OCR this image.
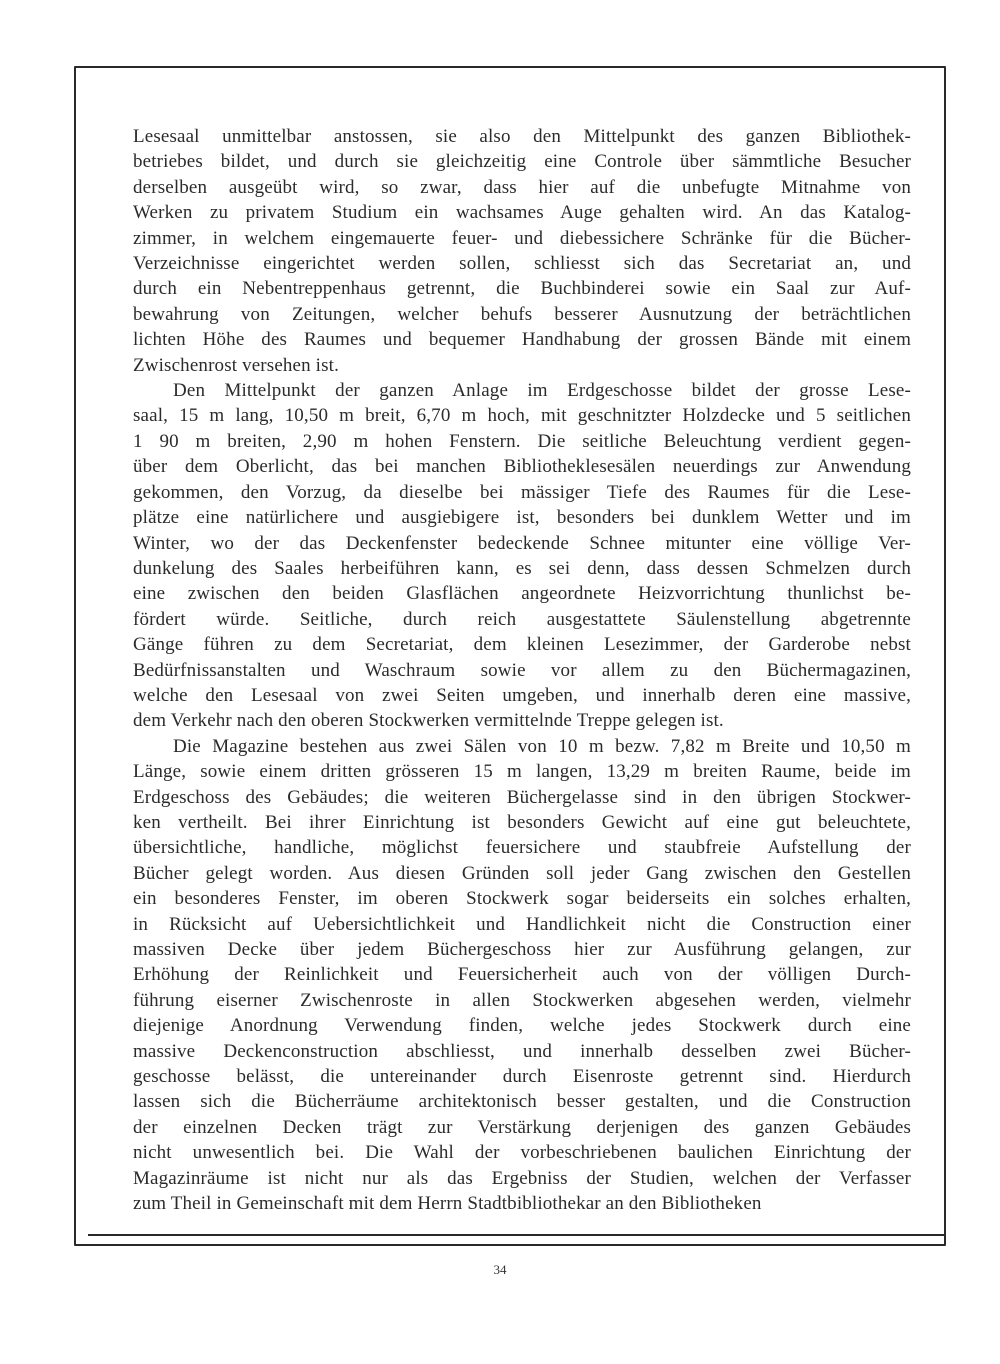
Lesesaal unmittelbar anstossen, sie also den Mittelpunkt des ganzen Bibliothek-
betriebes bildet, und durch sie gleichzeitig eine Controle über sämmtliche Besucher
derselben ausgeübt wird, so zwar, dass hier auf die unbefugte Mitnahme von
Werken zu privatem Studium ein wachsames Auge gehalten wird. An das Katalog-
zimmer, in welchem eingemauerte feuer- und diebessichere Schränke für die Bücher-
Verzeichnisse eingerichtet werden sollen, schliesst sich das Secretariat an, und
durch ein Nebentreppenhaus getrennt, die Buchbinderei sowie ein Saal zur Auf-
bewahrung von Zeitungen, welcher behufs besserer Ausnutzung der beträchtlichen
lichten Höhe des Raumes und bequemer Handhabung der grossen Bände mit einem
Zwischenrost versehen ist.

Den Mittelpunkt der ganzen Anlage im Erdgeschosse bildet der grosse Lese-
saal, 15 m lang, 10,50 m breit, 6,70 m hoch, mit geschnitzter Holzdecke und 5 seitlichen
1 90 m breiten, 2,90 m hohen Fenstern. Die seitliche Beleuchtung verdient gegen-
über dem Oberlicht, das bei manchen Bibliotheklesesälen neuerdings zur Anwendung
gekommen, den Vorzug, da dieselbe bei mässiger Tiefe des Raumes für die Lese-
plätze eine natürlichere und ausgiebigere ist, besonders bei dunklem Wetter und im
Winter, wo der das Deckenfenster bedeckende Schnee mitunter eine völlige Ver-
dunkelung des Saales herbeiführen kann, es sei denn, dass dessen Schmelzen durch
eine zwischen den beiden Glasflächen angeordnete Heizvorrichtung thunlichst be-
fördert würde. Seitliche, durch reich ausgestattete Säulenstellung abgetrennte
Gänge führen zu dem Secretariat, dem kleinen Lesezimmer, der Garderobe nebst
Bedürfnissanstalten und Waschraum sowie vor allem zu den Büchermagazinen,
welche den Lesesaal von zwei Seiten umgeben, und innerhalb deren eine massive,
dem Verkehr nach den oberen Stockwerken vermittelnde Treppe gelegen ist.

Die Magazine bestehen aus zwei Sälen von 10 m bezw. 7,82 m Breite und 10,50 m
Länge, sowie einem dritten grösseren 15 m langen, 13,29 m breiten Raume, beide im
Erdgeschoss des Gebäudes; die weiteren Büchergelasse sind in den übrigen Stockwer-
ken vertheilt. Bei ihrer Einrichtung ist besonders Gewicht auf eine gut beleuchtete,
übersichtliche, handliche, möglichst feuersichere und staubfreie Aufstellung der
Bücher gelegt worden. Aus diesen Gründen soll jeder Gang zwischen den Gestellen
ein besonderes Fenster, im oberen Stockwerk sogar beiderseits ein solches erhalten,
in Rücksicht auf Uebersichtlichkeit und Handlichkeit nicht die Construction einer
massiven Decke über jedem Büchergeschoss hier zur Ausführung gelangen, zur
Erhöhung der Reinlichkeit und Feuersicherheit auch von der völligen Durch-
führung eiserner Zwischenroste in allen Stockwerken abgesehen werden, vielmehr
diejenige Anordnung Verwendung finden, welche jedes Stockwerk durch eine
massive Deckenconstruction abschliesst, und innerhalb desselben zwei Bücher-
geschosse belässt, die untereinander durch Eisenroste getrennt sind. Hierdurch
lassen sich die Bücherräume architektonisch besser gestalten, und die Construction
der einzelnen Decken trägt zur Verstärkung derjenigen des ganzen Gebäudes
nicht unwesentlich bei. Die Wahl der vorbeschriebenen baulichen Einrichtung der
Magazinräume ist nicht nur als das Ergebniss der Studien, welchen der Verfasser
zum Theil in Gemeinschaft mit dem Herrn Stadtbibliothekar an den Bibliotheken

34
